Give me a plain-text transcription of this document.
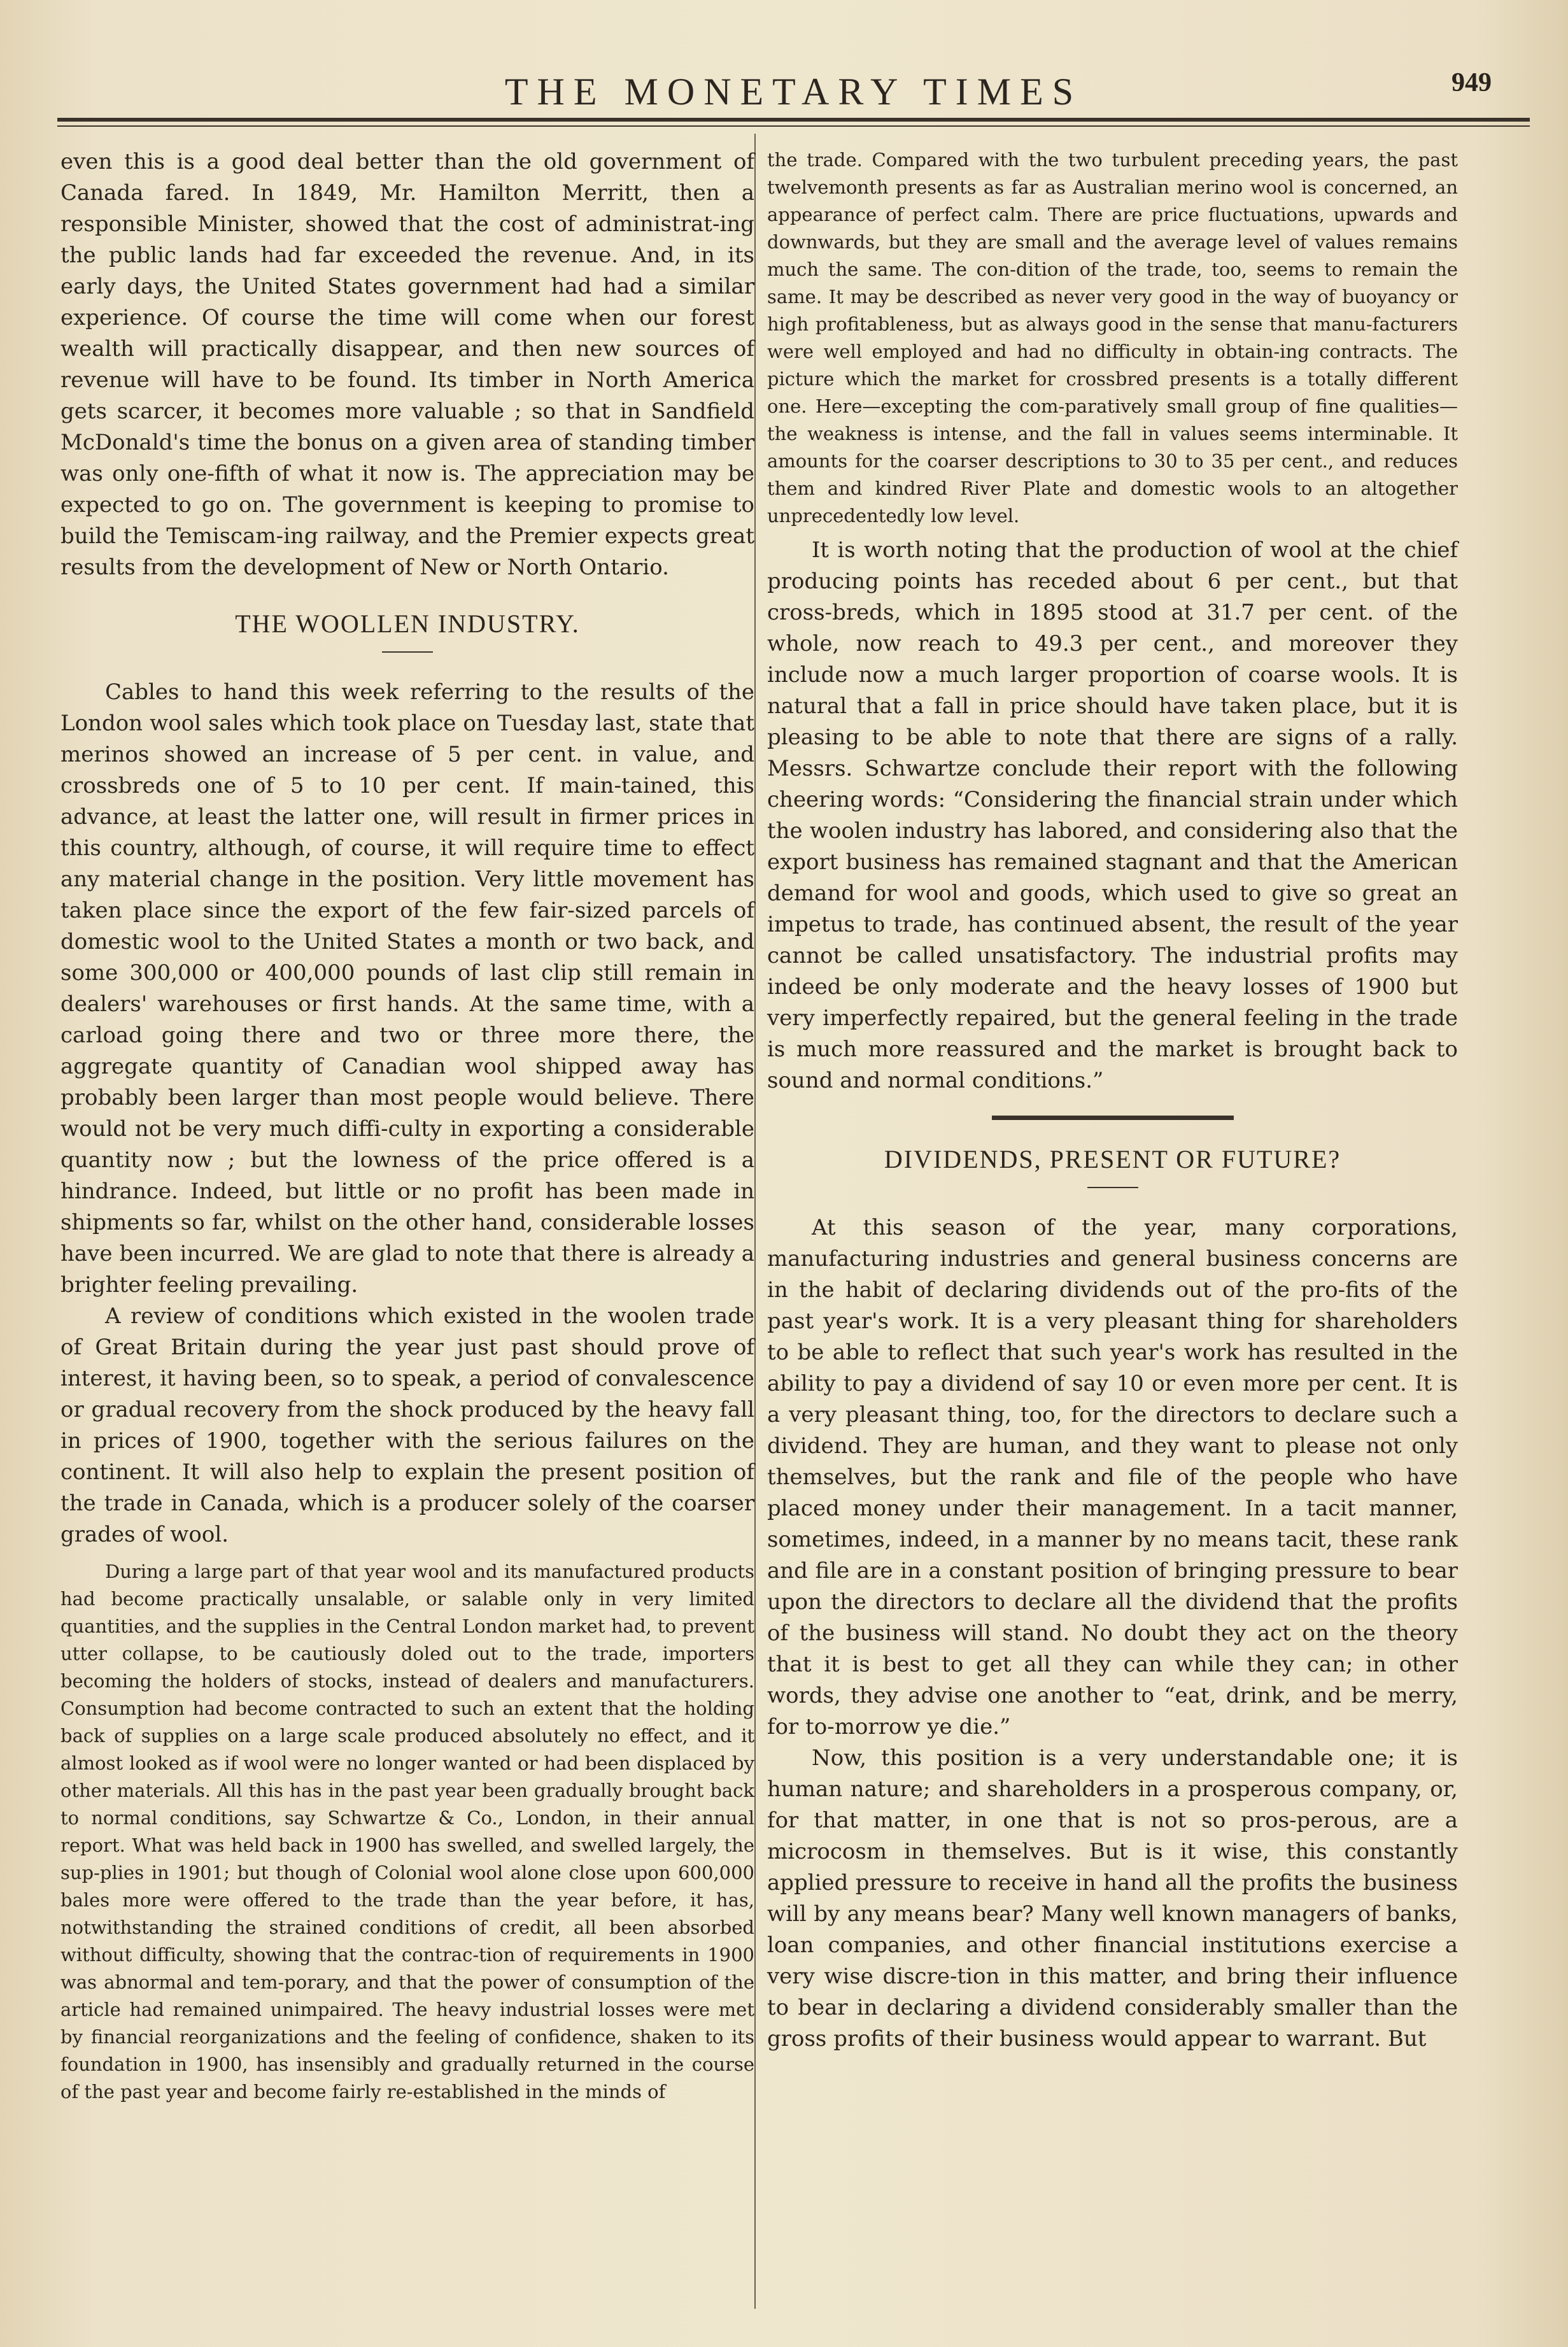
THE MONETARY TIMES	949

even this is a good deal better than the old government of Canada fared. In 1849, Mr. Hamilton Merritt, then a responsible Minister, showed that the cost of administrat-ing the public lands had far exceeded the revenue. And, in its early days, the United States government had had a similar experience. Of course the time will come when our forest wealth will practically disappear, and then new sources of revenue will have to be found. Its timber in North America gets scarcer, it becomes more valuable ; so that in Sandfield McDonald's time the bonus on a given area of standing timber was only one-fifth of what it now is. The appreciation may be expected to go on. The government is keeping to promise to build the Temiscam-ing railway, and the Premier expects great results from the development of New or North Ontario.

THE WOOLLEN INDUSTRY.

Cables to hand this week referring to the results of the London wool sales which took place on Tuesday last, state that merinos showed an increase of 5 per cent. in value, and crossbreds one of 5 to 10 per cent. If main-tained, this advance, at least the latter one, will result in firmer prices in this country, although, of course, it will require time to effect any material change in the position. Very little movement has taken place since the export of the few fair-sized parcels of domestic wool to the United States a month or two back, and some 300,000 or 400,000 pounds of last clip still remain in dealers' warehouses or first hands. At the same time, with a carload going there and two or three more there, the aggregate quantity of Canadian wool shipped away has probably been larger than most people would believe. There would not be very much diffi-culty in exporting a considerable quantity now ; but the lowness of the price offered is a hindrance. Indeed, but little or no profit has been made in shipments so far, whilst on the other hand, considerable losses have been incurred. We are glad to note that there is already a brighter feeling prevailing.

A review of conditions which existed in the woolen trade of Great Britain during the year just past should prove of interest, it having been, so to speak, a period of convalescence or gradual recovery from the shock produced by the heavy fall in prices of 1900, together with the serious failures on the continent. It will also help to explain the present position of the trade in Canada, which is a producer solely of the coarser grades of wool.

During a large part of that year wool and its manufactured products had become practically unsalable, or salable only in very limited quantities, and the supplies in the Central London market had, to prevent utter collapse, to be cautiously doled out to the trade, importers becoming the holders of stocks, instead of dealers and manufacturers. Consumption had become contracted to such an extent that the holding back of supplies on a large scale produced absolutely no effect, and it almost looked as if wool were no longer wanted or had been displaced by other materials. All this has in the past year been gradually brought back to normal conditions, say Schwartze & Co., London, in their annual report. What was held back in 1900 has swelled, and swelled largely, the sup-plies in 1901; but though of Colonial wool alone close upon 600,000 bales more were offered to the trade than the year before, it has, notwithstanding the strained conditions of credit, all been absorbed without difficulty, showing that the contrac-tion of requirements in 1900 was abnormal and tem-porary, and that the power of consumption of the article had remained unimpaired. The heavy industrial losses were met by financial reorganizations and the feeling of confidence, shaken to its foundation in 1900, has insensibly and gradually returned in the course of the past year and become fairly re-established in the minds of

the trade. Compared with the two turbulent preceding years, the past twelvemonth presents as far as Australian merino wool is concerned, an appearance of perfect calm. There are price fluctuations, upwards and downwards, but they are small and the average level of values remains much the same. The con-dition of the trade, too, seems to remain the same. It may be described as never very good in the way of buoyancy or high profitableness, but as always good in the sense that manu-facturers were well employed and had no difficulty in obtain-ing contracts. The picture which the market for crossbred presents is a totally different one. Here—excepting the com-paratively small group of fine qualities—the weakness is intense, and the fall in values seems interminable. It amounts for the coarser descriptions to 30 to 35 per cent., and reduces them and kindred River Plate and domestic wools to an altogether unprecedentedly low level.

It is worth noting that the production of wool at the chief producing points has receded about 6 per cent., but that cross-breds, which in 1895 stood at 31.7 per cent. of the whole, now reach to 49.3 per cent., and moreover they include now a much larger proportion of coarse wools. It is natural that a fall in price should have taken place, but it is pleasing to be able to note that there are signs of a rally. Messrs. Schwartze conclude their report with the following cheering words: “Considering the financial strain under which the woolen industry has labored, and considering also that the export business has remained stagnant and that the American demand for wool and goods, which used to give so great an impetus to trade, has continued absent, the result of the year cannot be called unsatisfactory. The industrial profits may indeed be only moderate and the heavy losses of 1900 but very imperfectly repaired, but the general feeling in the trade is much more reassured and the market is brought back to sound and normal conditions.”

DIVIDENDS, PRESENT OR FUTURE?

At this season of the year, many corporations, manufacturing industries and general business concerns are in the habit of declaring dividends out of the pro-fits of the past year's work. It is a very pleasant thing for shareholders to be able to reflect that such year's work has resulted in the ability to pay a dividend of say 10 or even more per cent. It is a very pleasant thing, too, for the directors to declare such a dividend. They are human, and they want to please not only themselves, but the rank and file of the people who have placed money under their management. In a tacit manner, sometimes, indeed, in a manner by no means tacit, these rank and file are in a constant position of bringing pressure to bear upon the directors to declare all the dividend that the profits of the business will stand. No doubt they act on the theory that it is best to get all they can while they can; in other words, they advise one another to “eat, drink, and be merry, for to-morrow ye die.”

Now, this position is a very understandable one; it is human nature; and shareholders in a prosperous company, or, for that matter, in one that is not so pros-perous, are a microcosm in themselves. But is it wise, this constantly applied pressure to receive in hand all the profits the business will by any means bear? Many well known managers of banks, loan companies, and other financial institutions exercise a very wise discre-tion in this matter, and bring their influence to bear in declaring a dividend considerably smaller than the gross profits of their business would appear to warrant. But
